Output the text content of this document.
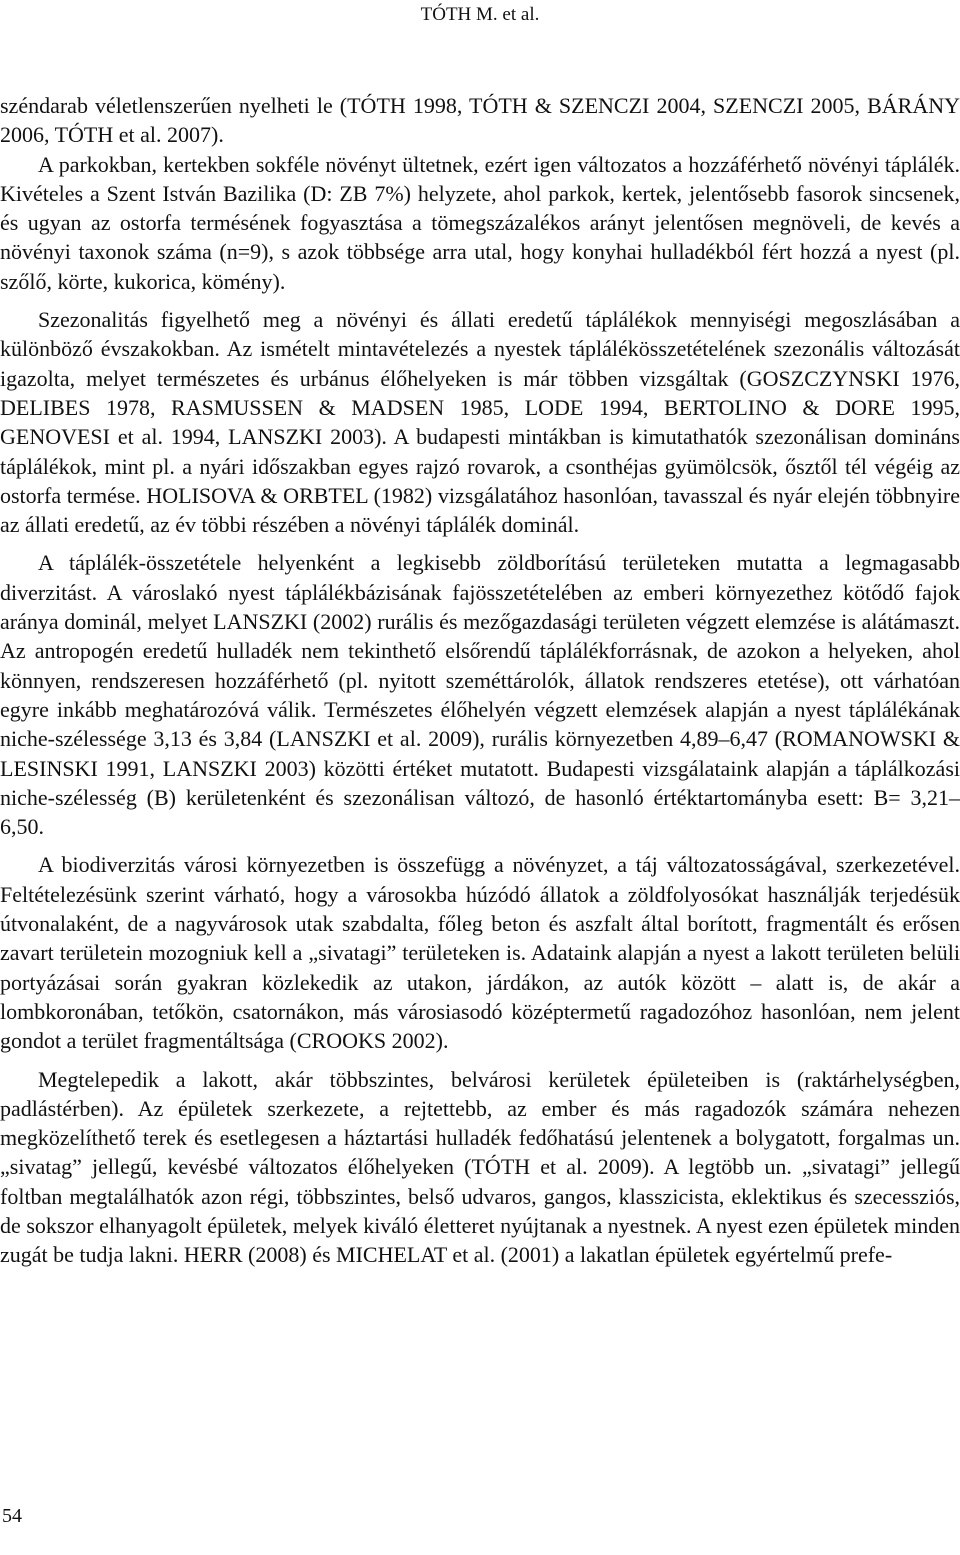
TÓTH M. et al.

széndarab véletlenszerűen nyelheti le (TÓTH 1998, TÓTH & SZENCZI 2004, SZENCZI 2005, BÁRÁNY 2006, TÓTH et al. 2007).

A parkokban, kertekben sokféle növényt ültetnek, ezért igen változatos a hozzáférhető növényi táplálék. Kivételes a Szent István Bazilika (D: ZB 7%) helyzete, ahol parkok, kertek, jelentősebb fasorok sincsenek, és ugyan az ostorfa termésének fogyasztása a tömegszázalékos arányt jelentősen megnöveli, de kevés a növényi taxonok száma (n=9), s azok többsége arra utal, hogy konyhai hulladékból fért hozzá a nyest (pl. szőlő, körte, kukorica, kömény).

Szezonalitás figyelhető meg a növényi és állati eredetű táplálékok mennyiségi megoszlásában a különböző évszakokban. Az ismételt mintavételezés a nyestek táplálékösszetételének szezonális változását igazolta, melyet természetes és urbánus élőhelyeken is már többen vizsgáltak (GOSZCZYNSKI 1976, DELIBES 1978, RASMUSSEN & MADSEN 1985, LODE 1994, BERTOLINO & DORE 1995, GENOVESI et al. 1994, LANSZKI 2003). A budapesti mintákban is kimutathatók szezonálisan domináns táplálékok, mint pl. a nyári időszakban egyes rajzó rovarok, a csonthéjas gyümölcsök, ősztől tél végéig az ostorfa termése. HOLISOVA & ORBTEL (1982) vizsgálatához hasonlóan, tavasszal és nyár elején többnyire az állati eredetű, az év többi részében a növényi táplálék dominál.

A táplálék-összetétele helyenként a legkisebb zöldborítású területeken mutatta a legmagasabb diverzitást. A városlakó nyest táplálékbázisának fajösszetételében az emberi környezethez kötődő fajok aránya dominál, melyet LANSZKI (2002) rurális és mezőgazdasági területen végzett elemzése is alátámaszt. Az antropogén eredetű hulladék nem tekinthető elsőrendű táplálékforrásnak, de azokon a helyeken, ahol könnyen, rendszeresen hozzáférhető (pl. nyitott szeméttárolók, állatok rendszeres etetése), ott várhatóan egyre inkább meghatározóvá válik. Természetes élőhelyén végzett elemzések alapján a nyest táplálékának niche-szélessége 3,13 és 3,84 (LANSZKI et al. 2009), rurális környezetben 4,89–6,47 (ROMANOWSKI & LESINSKI 1991, LANSZKI 2003) közötti értéket mutatott. Budapesti vizsgálataink alapján a táplálkozási niche-szélesség (B) kerületenként és szezonálisan változó, de hasonló értéktartományba esett: B= 3,21– 6,50.

A biodiverzitás városi környezetben is összefügg a növényzet, a táj változatosságával, szerkezetével. Feltételezésünk szerint várható, hogy a városokba húzódó állatok a zöldfolyosókat használják terjedésük útvonalaként, de a nagyvárosok utak szabdalta, főleg beton és aszfalt által borított, fragmentált és erősen zavart területein mozogniuk kell a „sivatagi” területeken is. Adataink alapján a nyest a lakott területen belüli portyázásai során gyakran közlekedik az utakon, járdákon, az autók között – alatt is, de akár a lombkoronában, tetőkön, csatornákon, más városiasodó középtermetű ragadozóhoz hasonlóan, nem jelent gondot a terület fragmentáltsága (CROOKS 2002).

Megtelepedik a lakott, akár többszintes, belvárosi kerületek épületeiben is (raktárhelységben, padlástérben). Az épületek szerkezete, a rejtettebb, az ember és más ragadozók számára nehezen megközelíthető terek és esetlegesen a háztartási hulladék fedőhatású jelentenek a bolygatott, forgalmas un. „sivatag” jellegű, kevésbé változatos élőhelyeken (TÓTH et al. 2009). A legtöbb un. „sivatagi” jellegű foltban megtalálhatók azon régi, többszintes, belső udvaros, gangos, klasszicista, eklektikus és szecessziós, de sokszor elhanyagolt épületek, melyek kiváló életteret nyújtanak a nyestnek. A nyest ezen épületek minden zugát be tudja lakni. HERR (2008) és MICHELAT et al. (2001) a lakatlan épületek egyértelmű prefe-

54
